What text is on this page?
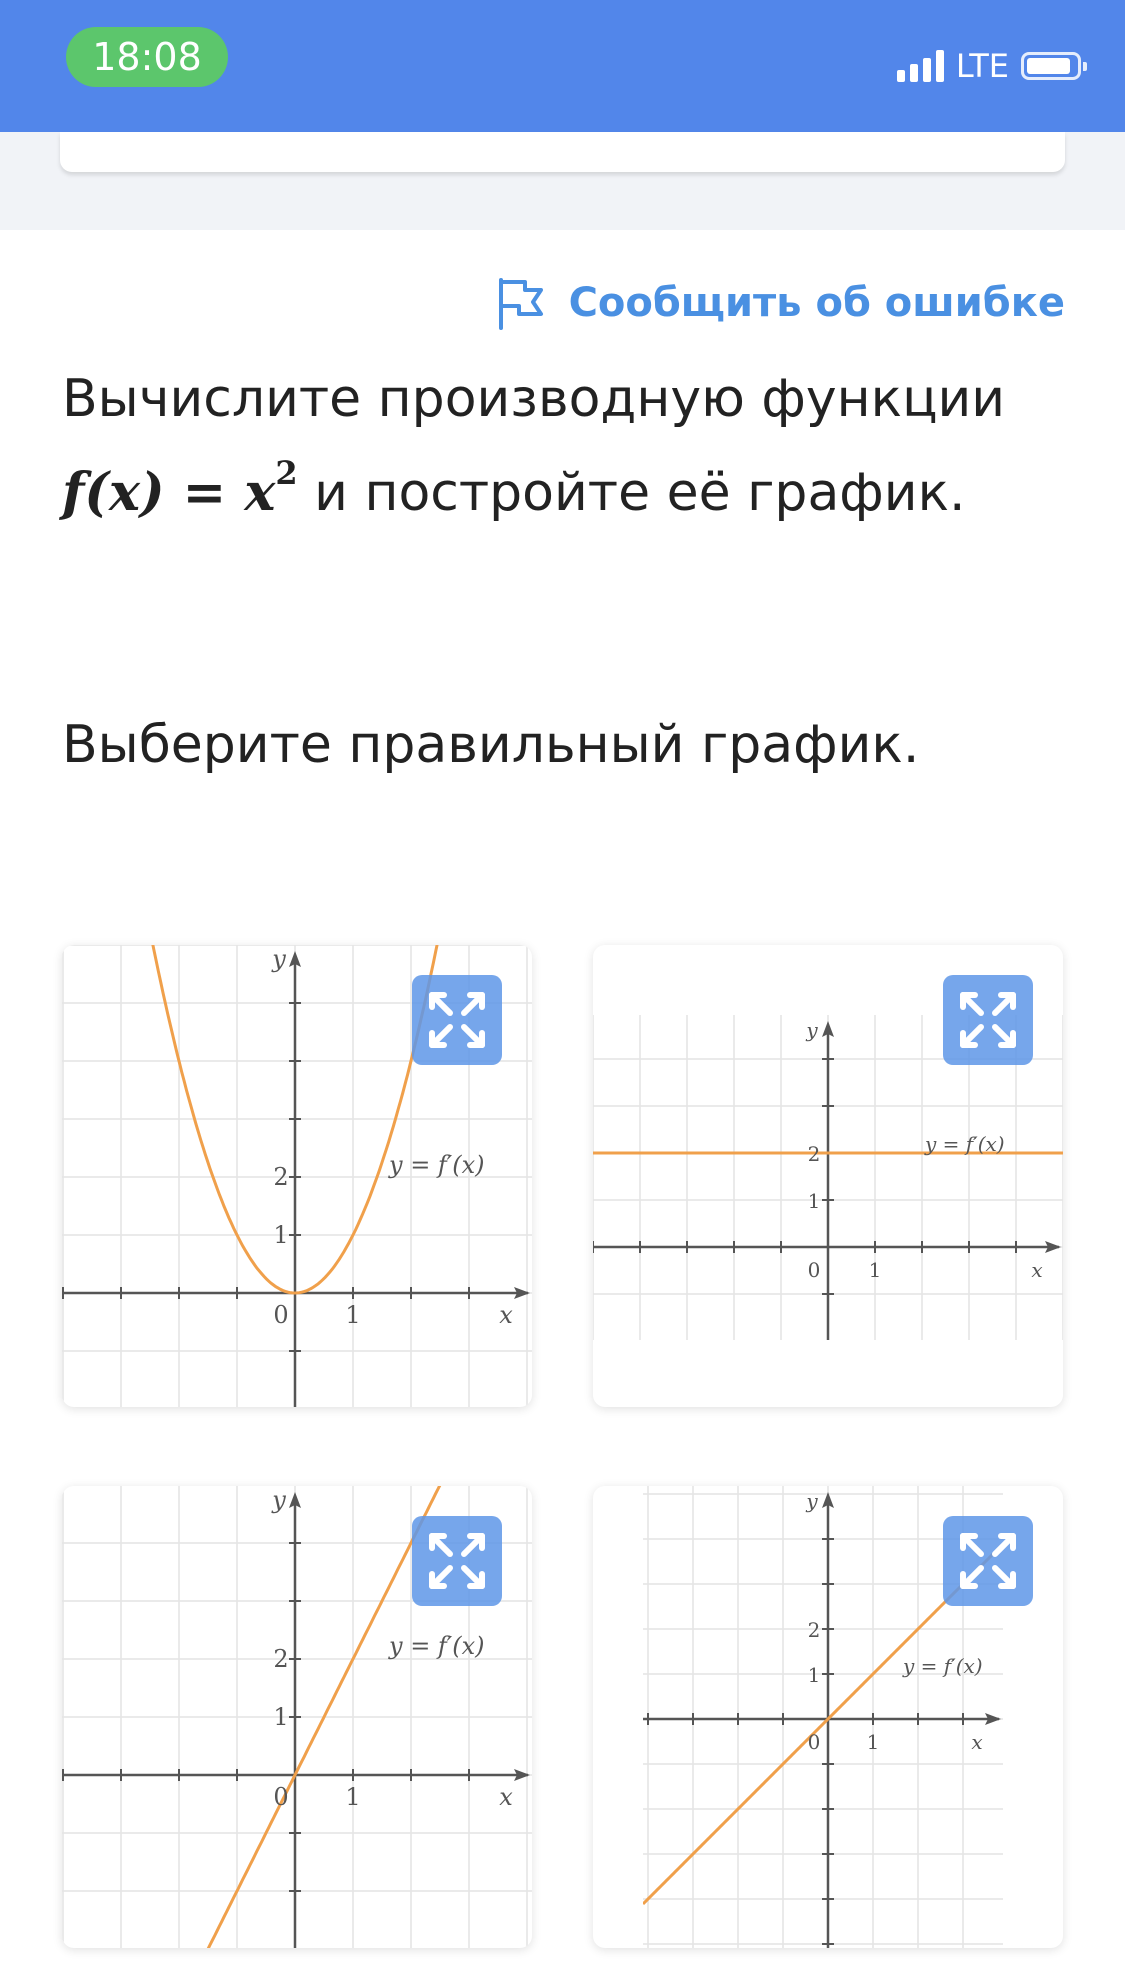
18:08	LTE
Сообщить об ошибке
Вычислите производную функции
$f(x) = x^2$ и постройте её график.
Выберите правильный график.
y
x
0 1
1
2	y = f′(x)
y
x
0 1
1
2	y = f′(x)
y
x
0 1
1
2	y = f′(x)
y
x
0 1
1
2
y = f′(x)
